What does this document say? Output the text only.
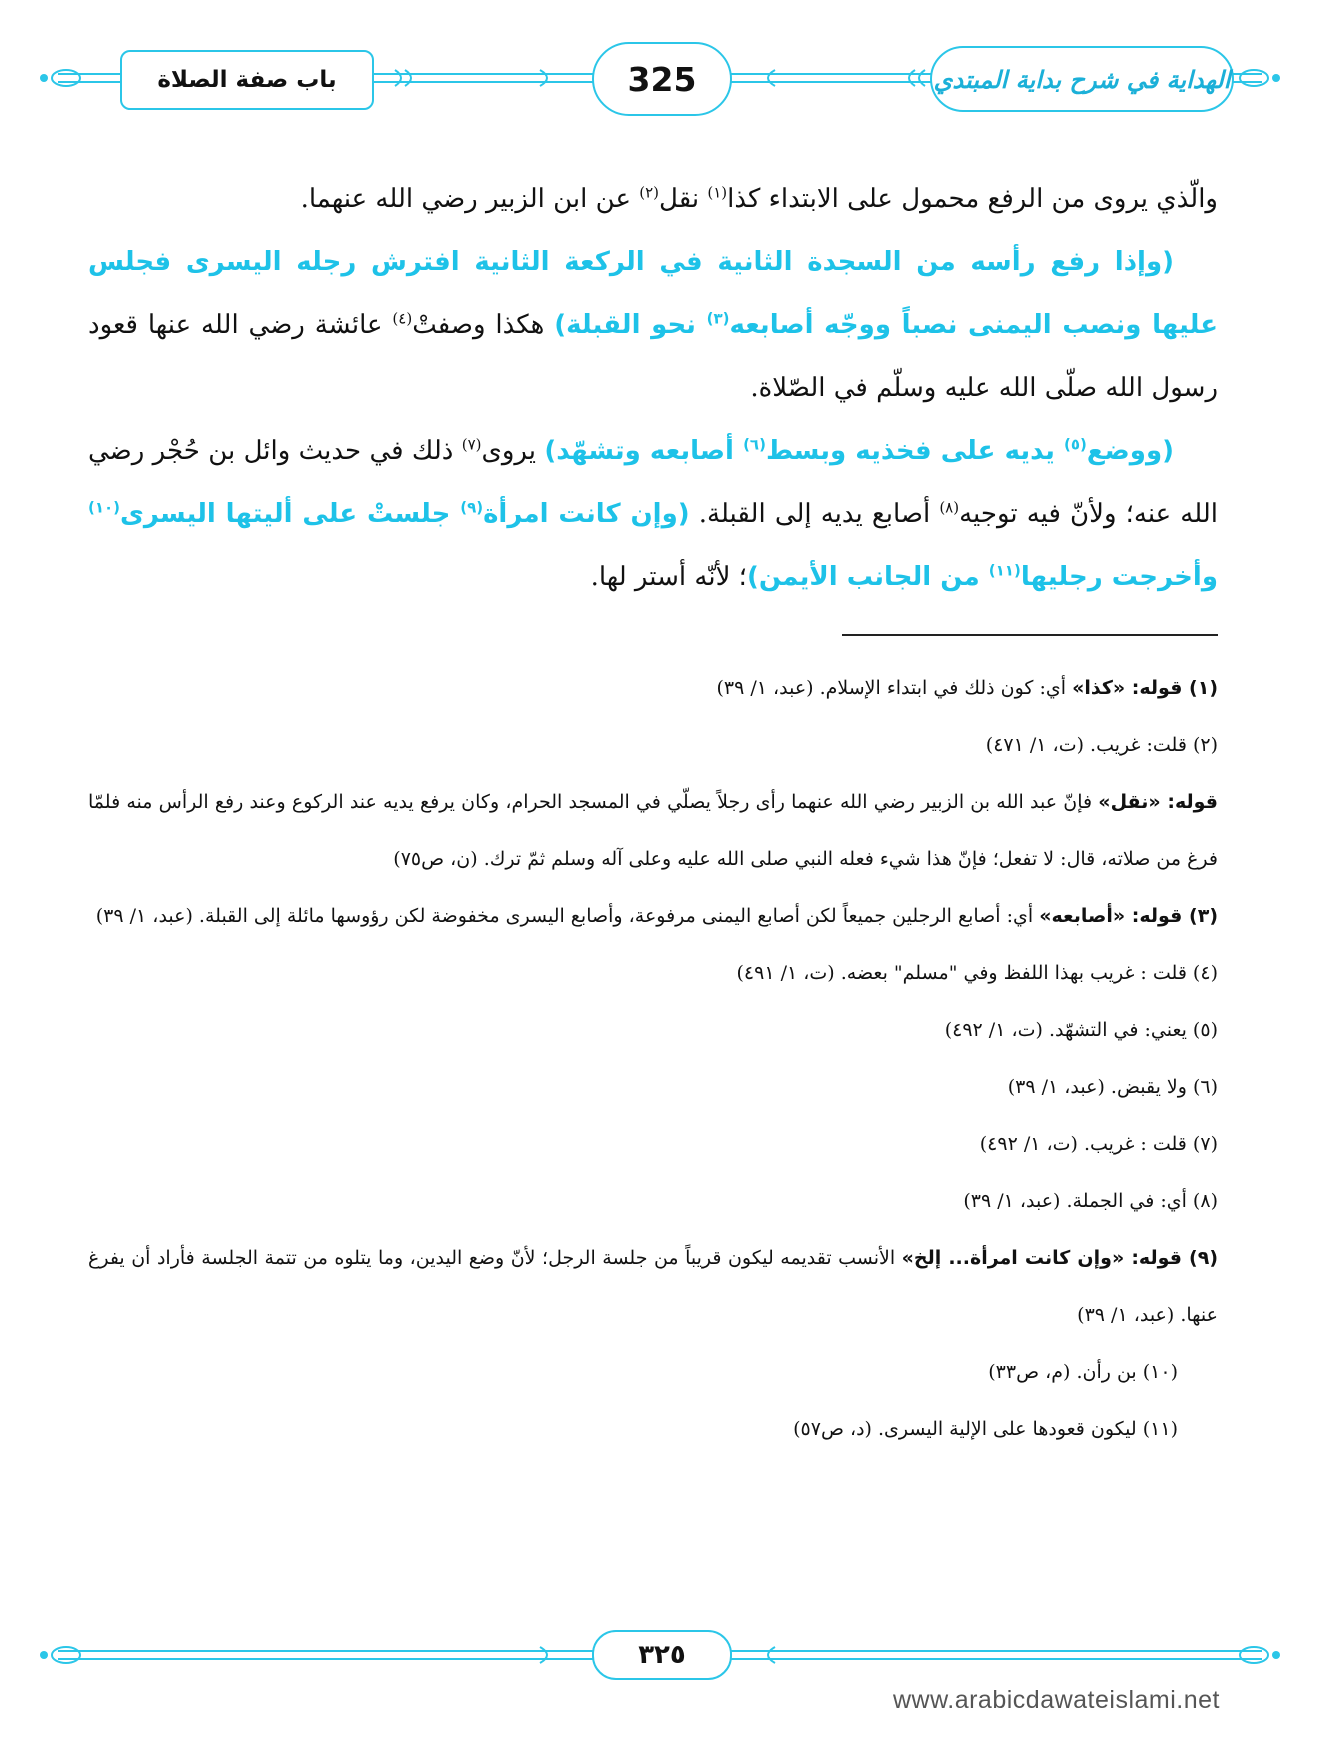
باب صفة الصلاة	325	الهداية في شرح بداية المبتدي

والّذي يروى من الرفع محمول على الابتداء كذا$^{(١)}$ نقل$^{(٢)}$ عن ابن الزبير رضي الله عنهما.

(وإذا رفع رأسه من السجدة الثانية في الركعة الثانية افترش رجله اليسرى فجلس عليها ونصب اليمنى نصباً ووجّه أصابعه$^{(٣)}$ نحو القبلة) هكذا وصفتْ$^{(٤)}$ عائشة رضي الله عنها قعود رسول الله صلّى الله عليه وسلّم في الصّلاة.

(ووضع$^{(٥)}$ يديه على فخذيه وبسط$^{(٦)}$ أصابعه وتشهّد) يروى$^{(٧)}$ ذلك في حديث وائل بن حُجْر رضي الله عنه؛ ولأنّ فيه توجيه$^{(٨)}$ أصابع يديه إلى القبلة. (وإن كانت امرأة$^{(٩)}$ جلستْ على أليتها اليسرى$^{(١٠)}$ وأخرجت رجليها$^{(١١)}$ من الجانب الأيمن)؛ لأنّه أستر لها.

(١) قوله: «كذا» أي: كون ذلك في ابتداء الإسلام. (عبد، ١/ ٣٩)

(٢) قلت: غريب. (ت، ١/ ٤٧١)

قوله: «نقل» فإنّ عبد الله بن الزبير رضي الله عنهما رأى رجلاً يصلّي في المسجد الحرام، وكان يرفع يديه عند الركوع وعند رفع الرأس منه فلمّا فرغ من صلاته، قال: لا تفعل؛ فإنّ هذا شيء فعله النبي صلى الله عليه وعلى آله وسلم ثمّ ترك. (ن، ص٧٥)

(٣) قوله: «أصابعه» أي: أصابع الرجلين جميعاً لكن أصابع اليمنى مرفوعة، وأصابع اليسرى مخفوضة لكن رؤوسها مائلة إلى القبلة. (عبد، ١/ ٣٩)

(٤) قلت : غريب بهذا اللفظ وفي "مسلم" بعضه. (ت، ١/ ٤٩١)

(٥) يعني: في التشهّد. (ت، ١/ ٤٩٢)

(٦) ولا يقبض. (عبد، ١/ ٣٩)

(٧) قلت : غريب. (ت، ١/ ٤٩٢)

(٨) أي: في الجملة. (عبد، ١/ ٣٩)

(٩) قوله: «وإن كانت امرأة... إلخ» الأنسب تقديمه ليكون قريباً من جلسة الرجل؛ لأنّ وضع اليدين، وما يتلوه من تتمة الجلسة فأراد أن يفرغ عنها. (عبد، ١/ ٣٩)

(١٠) بن رأن. (م، ص٣٣)

(١١) ليكون قعودها على الإلية اليسرى. (د، ص٥٧)

٣٢٥
www.arabicdawateislami.net
